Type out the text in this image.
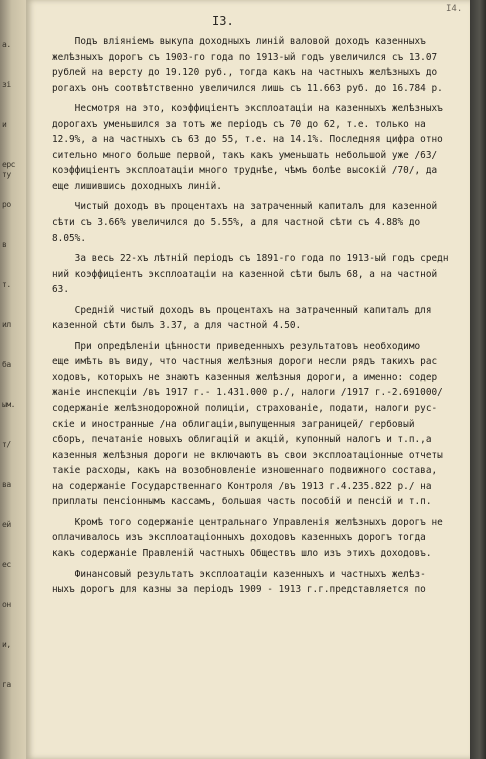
а.
зі
и
ерсту
ро
в
т.
ил
ба
ым.
т/
ва
ей
ес
он
и,
га
I3.
I4.
Подъ вліяніемъ выкупа доходныхъ линій валовой доходъ казенныхъ
желѣзныхъ дорогъ съ 1903-го года по 1913-ый годъ увеличился съ 13.07
рублей на версту до 19.120 руб., тогда какъ на частныхъ желѣзныхъ до
рогахъ онъ соотвѣтственно увеличился лишь съ 11.663 руб. до 16.784 р.
Несмотря на это, коэффиціентъ эксплоатаціи на казенныхъ желѣзныхъ
дорогахъ уменьшился за тотъ же періодъ съ 70 до 62, т.е. только на
12.9%, а на частныхъ съ 63 до 55, т.е. на 14.1%. Последняя цифра отно
сительно много больше первой, такъ какъ уменьшать небольшой уже /63/
коэффиціентъ эксплоатаціи много труднѣе, чѣмъ болѣе высокій /70/, да
еще лишившись доходныхъ линій.
Чистый доходъ въ процентахъ на затраченный капиталъ для казенной
сѣти съ 3.66% увеличился до 5.55%, а для частной сѣти съ 4.88% до
8.05%.
За весь 22-хъ лѣтній періодъ съ 1891-го года по 1913-ый годъ средн
ний коэффиціентъ эксплоатаціи на казенной сѣти былъ 68, а на частной
63.
Средній чистый доходъ въ процентахъ на затраченный капиталъ для
казенной сѣти былъ 3.37, а для частной 4.50.
При опредѣленіи цѣнности приведенныхъ результатовъ необходимо
еще имѣть въ виду, что частныя желѣзныя дороги несли рядъ такихъ рас
ходовъ, которыхъ не знаютъ казенныя желѣзныя дороги, а именно: содер
жаніе инспекціи /въ 1917 г.- 1.431.000 р./, налоги /1917 г.-2.691000/
содержаніе желѣзнодорожной полиціи, страхованіе, подати, налоги рус-
скіе и иностранные /на облигаціи,выпущенныя заграницей/ гербовый
сборъ, печатаніе новыхъ облигацій и акцій, купонный налогъ и т.п.,а
казенныя желѣзныя дороги не включаютъ въ свои эксплоатаціонные отчеты
такіе расходы, какъ на возобновленіе изношеннаго подвижного состава,
на содержаніе Государственнаго Контроля /въ 1913 г.4.235.822 р./ на
приплаты пенсіоннымъ кассамъ, большая часть пособій и пенсій и т.п.
Кромѣ того содержаніе центральнаго Управленія желѣзныхъ дорогъ не
оплачивалось изъ эксплоатаціонныхъ доходовъ казенныхъ дорогъ тогда
какъ содержаніе Правленій частныхъ Обществъ шло изъ этихъ доходовъ.
Финансовый результатъ эксплоатаціи казенныхъ и частныхъ желѣз-
ныхъ дорогъ для казны за періодъ 1909 - 1913 г.г.представляется по
